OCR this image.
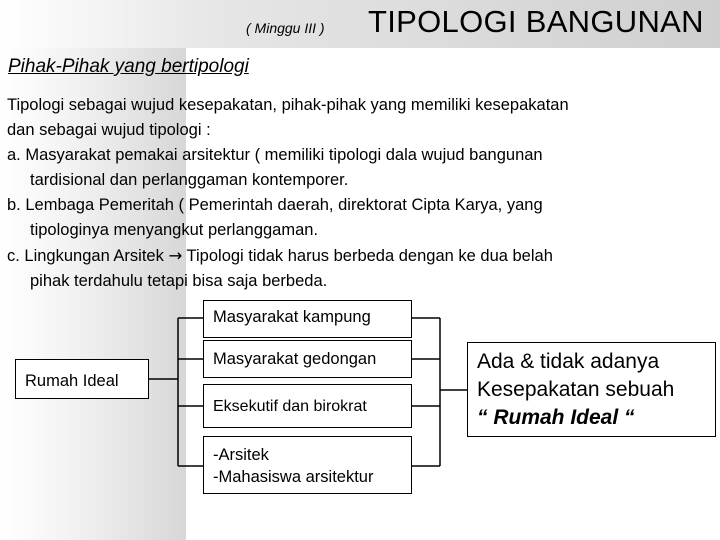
( Minggu III ) TIPOLOGI BANGUNAN
Pihak-Pihak yang bertipologi

Tipologi sebagai wujud kesepakatan, pihak-pihak yang memiliki kesepakatan

dan sebagai wujud tipologi :

a. Masyarakat pemakai arsitektur ( memiliki tipologi dala wujud bangunan

tardisional dan perlanggaman kontemporer.

b. Lembaga Pemeritah ( Pemerintah daerah, direktorat Cipta Karya, yang

tipologinya menyangkut perlanggaman.

c. Lingkungan Arsitek → Tipologi tidak harus berbeda dengan ke dua belah

pihak terdahulu tetapi bisa saja berbeda.

Rumah Ideal
Masyarakat kampung
Masyarakat gedongan
Eksekutif dan birokrat
-Arsitek
-Mahasiswa arsitektur
Ada & tidak adanya
Kesepakatan sebuah
“ Rumah Ideal “
